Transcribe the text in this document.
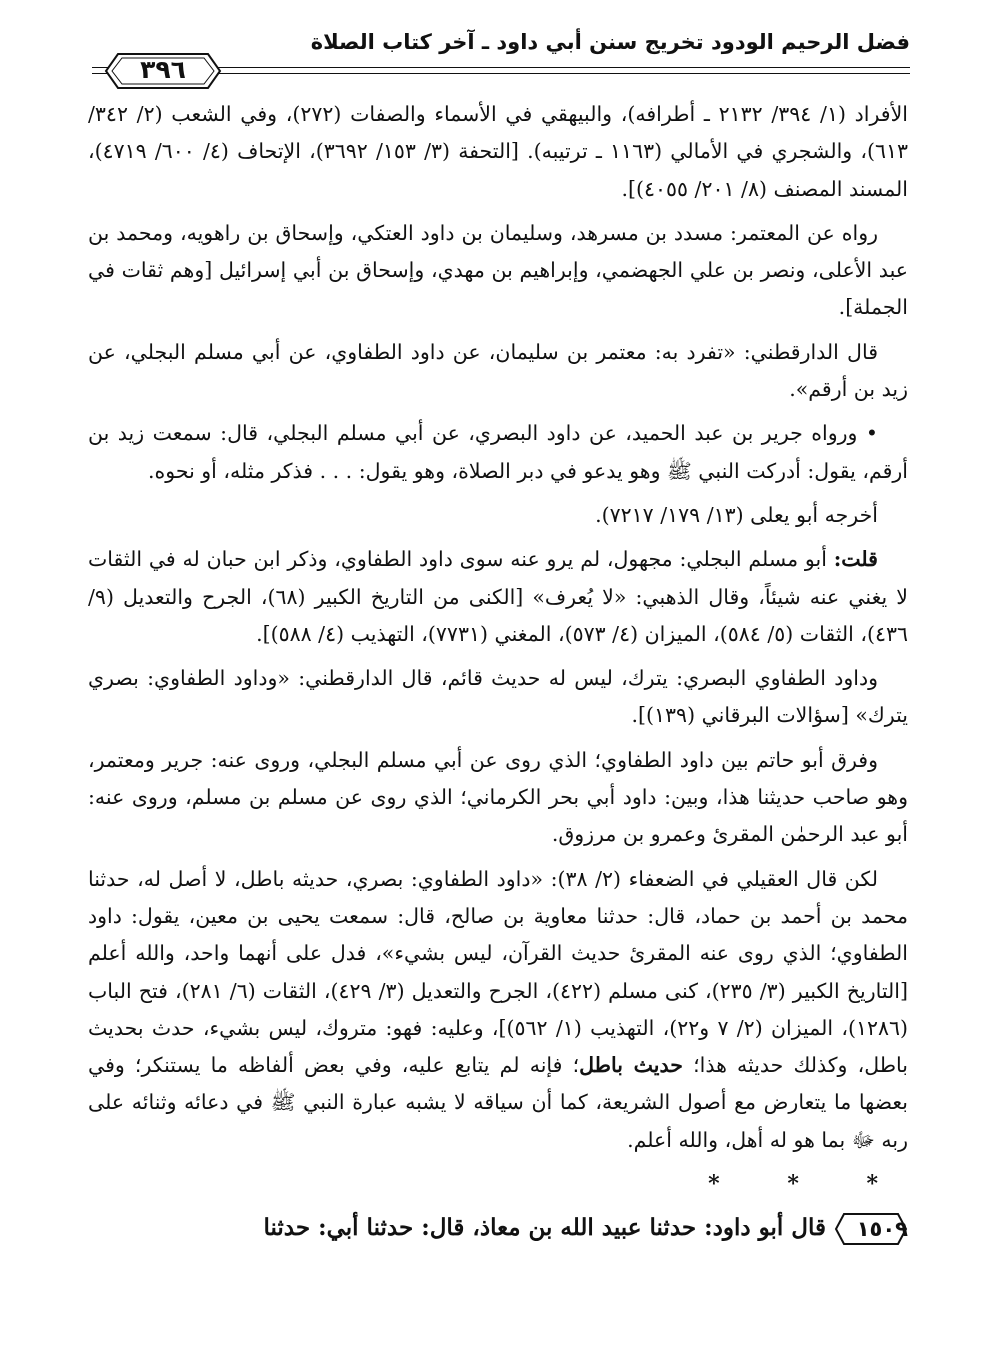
فضل الرحيم الودود تخريج سنن أبي داود ـ آخر كتاب الصلاة
٣٩٦

الأفراد (١/ ٣٩٤/ ٢١٣٢ ـ أطرافه)، والبيهقي في الأسماء والصفات (٢٧٢)، وفي الشعب (٢/ ٣٤٢/ ٦١٣)، والشجري في الأمالي (١١٦٣ ـ ترتيبه). [التحفة (٣/ ١٥٣/ ٣٦٩٢)، الإتحاف (٤/ ٦٠٠/ ٤٧١٩)، المسند المصنف (٨/ ٢٠١/ ٤٠٥٥)].

رواه عن المعتمر: مسدد بن مسرهد، وسليمان بن داود العتكي، وإسحاق بن راهويه، ومحمد بن عبد الأعلى، ونصر بن علي الجهضمي، وإبراهيم بن مهدي، وإسحاق بن أبي إسرائيل [وهم ثقات في الجملة].

قال الدارقطني: «تفرد به: معتمر بن سليمان، عن داود الطفاوي، عن أبي مسلم البجلي، عن زيد بن أرقم».

• ورواه جرير بن عبد الحميد، عن داود البصري، عن أبي مسلم البجلي، قال: سمعت زيد بن أرقم، يقول: أدركت النبي ﷺ وهو يدعو في دبر الصلاة، وهو يقول: . . . فذكر مثله، أو نحوه.

أخرجه أبو يعلى (١٣/ ١٧٩/ ٧٢١٧).

قلت: أبو مسلم البجلي: مجهول، لم يرو عنه سوى داود الطفاوي، وذكر ابن حبان له في الثقات لا يغني عنه شيئاً، وقال الذهبي: «لا يُعرف» [الكنى من التاريخ الكبير (٦٨)، الجرح والتعديل (٩/ ٤٣٦)، الثقات (٥/ ٥٨٤)، الميزان (٤/ ٥٧٣)، المغني (٧٧٣١)، التهذيب (٤/ ٥٨٨)].

وداود الطفاوي البصري: يترك، ليس له حديث قائم، قال الدارقطني: «وداود الطفاوي: بصري يترك» [سؤالات البرقاني (١٣٩)].

وفرق أبو حاتم بين داود الطفاوي؛ الذي روى عن أبي مسلم البجلي، وروى عنه: جرير ومعتمر، وهو صاحب حديثنا هذا، وبين: داود أبي بحر الكرماني؛ الذي روى عن مسلم بن مسلم، وروى عنه: أبو عبد الرحمٰن المقرئ وعمرو بن مرزوق.

لكن قال العقيلي في الضعفاء (٢/ ٣٨): «داود الطفاوي: بصري، حديثه باطل، لا أصل له، حدثنا محمد بن أحمد بن حماد، قال: حدثنا معاوية بن صالح، قال: سمعت يحيى بن معين، يقول: داود الطفاوي؛ الذي روى عنه المقرئ حديث القرآن، ليس بشيء»، فدل على أنهما واحد، والله أعلم [التاريخ الكبير (٣/ ٢٣٥)، كنى مسلم (٤٢٢)، الجرح والتعديل (٣/ ٤٢٩)، الثقات (٦/ ٢٨١)، فتح الباب (١٢٨٦)، الميزان (٢/ ٧ و٢٢)، التهذيب (١/ ٥٦٢)]، وعليه: فهو: متروك، ليس بشيء، حدث بحديث باطل، وكذلك حديثه هذا؛ حديث باطل؛ فإنه لم يتابع عليه، وفي بعض ألفاظه ما يستنكر؛ وفي بعضها ما يتعارض مع أصول الشريعة، كما أن سياقه لا يشبه عبارة النبي ﷺ في دعائه وثنائه على ربه ﷻ بما هو له أهل، والله أعلم.

* * *
١٥٠٩
قال أبو داود: حدثنا عبيد الله بن معاذ، قال: حدثنا أبي: حدثنا
